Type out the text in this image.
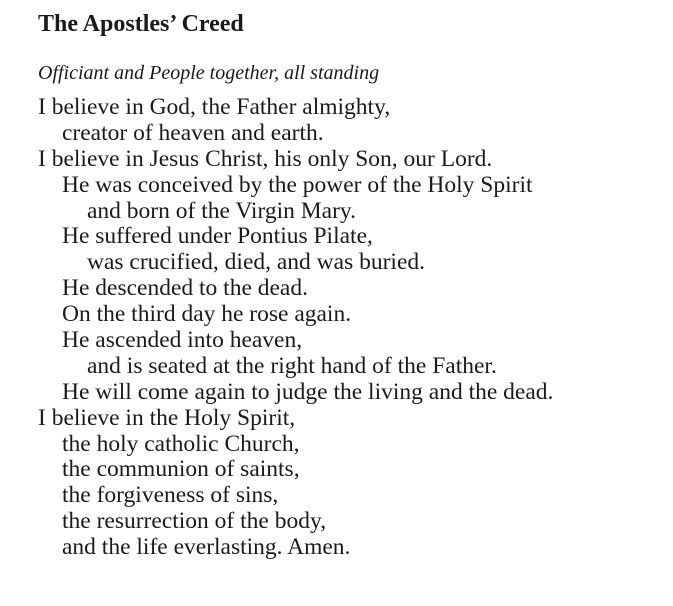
The Apostles’ Creed

Officiant and People together, all standing

I believe in God, the Father almighty,
creator of heaven and earth.
I believe in Jesus Christ, his only Son, our Lord.
He was conceived by the power of the Holy Spirit
and born of the Virgin Mary.
He suffered under Pontius Pilate,
was crucified, died, and was buried.
He descended to the dead.
On the third day he rose again.
He ascended into heaven,
and is seated at the right hand of the Father.
He will come again to judge the living and the dead.
I believe in the Holy Spirit,
the holy catholic Church,
the communion of saints,
the forgiveness of sins,
the resurrection of the body,
and the life everlasting. Amen.
